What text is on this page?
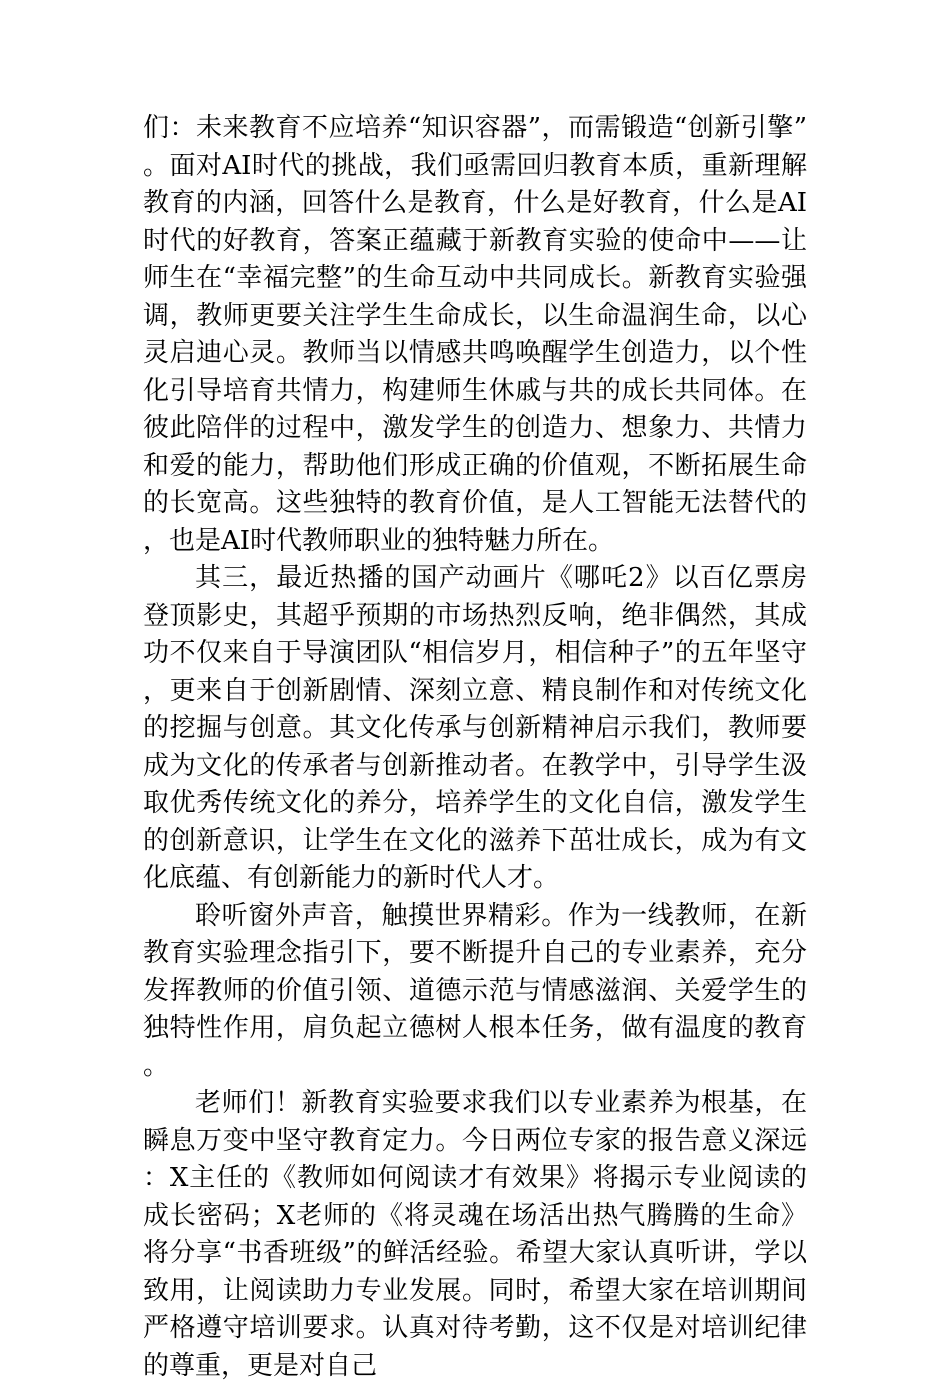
们：未来教育不应培养“知识容器”，而需锻造“创新引擎”。面对AI时代的挑战，我们亟需回归教育本质，重新理解教育的内涵，回答什么是教育，什么是好教育，什么是AI时代的好教育，答案正蕴藏于新教育实验的使命中——让师生在“幸福完整”的生命互动中共同成长。新教育实验强调，教师更要关注学生生命成长，以生命温润生命，以心灵启迪心灵。教师当以情感共鸣唤醒学生创造力，以个性化引导培育共情力，构建师生休戚与共的成长共同体。在彼此陪伴的过程中，激发学生的创造力、想象力、共情力和爱的能力，帮助他们形成正确的价值观，不断拓展生命的长宽高。这些独特的教育价值，是人工智能无法替代的，也是AI时代教师职业的独特魅力所在。

其三，最近热播的国产动画片《哪吒2》以百亿票房登顶影史，其超乎预期的市场热烈反响，绝非偶然，其成功不仅来自于导演团队“相信岁月，相信种子”的五年坚守，更来自于创新剧情、深刻立意、精良制作和对传统文化的挖掘与创意。其文化传承与创新精神启示我们，教师要成为文化的传承者与创新推动者。在教学中，引导学生汲取优秀传统文化的养分，培养学生的文化自信，激发学生的创新意识，让学生在文化的滋养下茁壮成长，成为有文化底蕴、有创新能力的新时代人才。

聆听窗外声音，触摸世界精彩。作为一线教师，在新教育实验理念指引下，要不断提升自己的专业素养，充分发挥教师的价值引领、道德示范与情感滋润、关爱学生的独特性作用，肩负起立德树人根本任务，做有温度的教育。

老师们！新教育实验要求我们以专业素养为根基，在瞬息万变中坚守教育定力。今日两位专家的报告意义深远：X主任的《教师如何阅读才有效果》将揭示专业阅读的成长密码；X老师的《将灵魂在场活出热气腾腾的生命》将分享“书香班级”的鲜活经验。希望大家认真听讲，学以致用，让阅读助力专业发展。同时，希望大家在培训期间严格遵守培训要求。认真对待考勤，这不仅是对培训纪律的尊重，更是对自己
